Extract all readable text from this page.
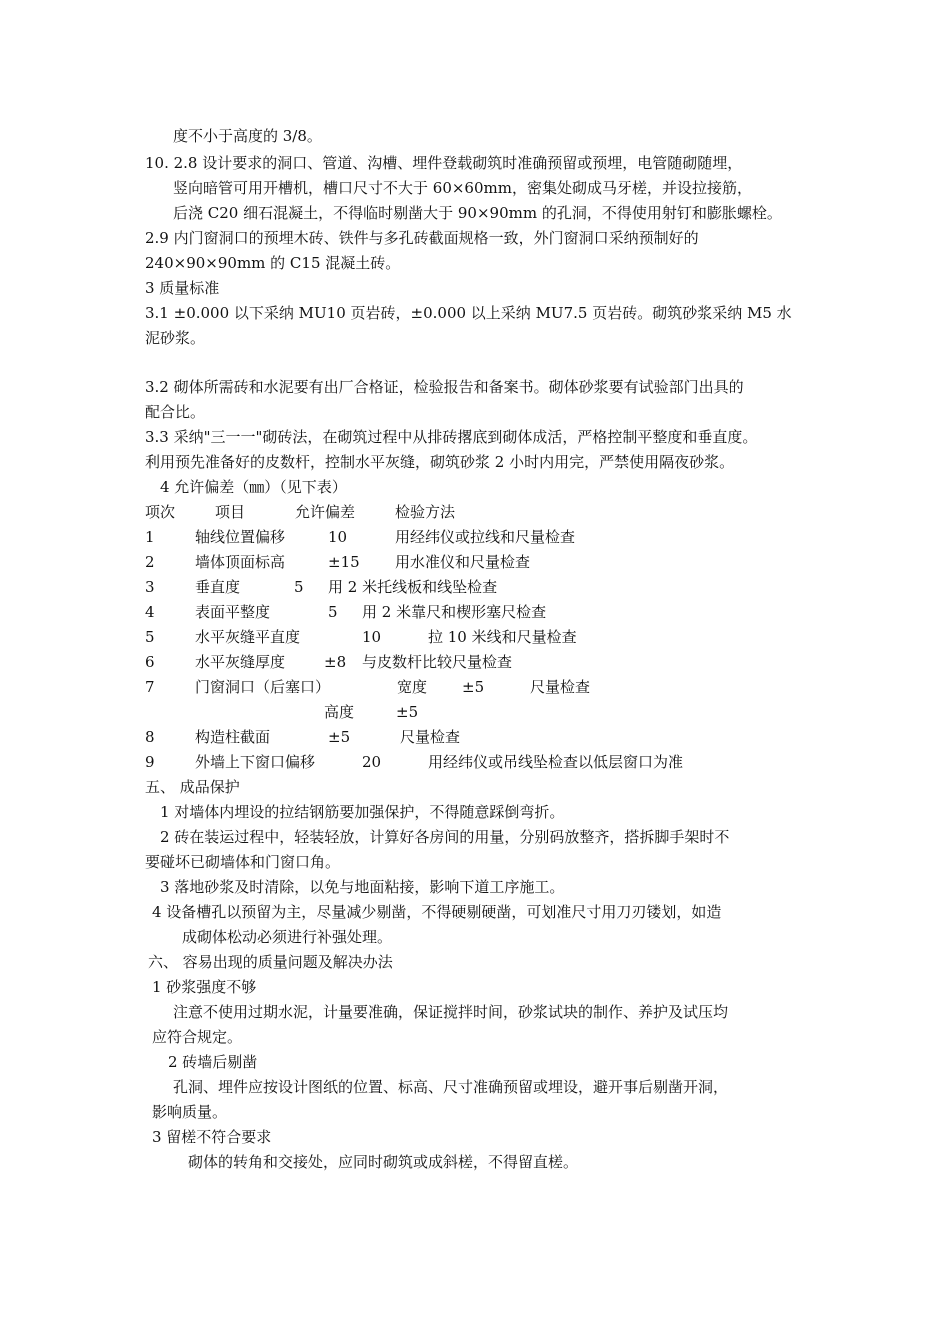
度不小于高度的 3/8。
10. 2.8 设计要求的洞口、管道、沟槽、埋件登载砌筑时准确预留或预埋，电管随砌随埋，
竖向暗管可用开槽机，槽口尺寸不大于 60×60mm，密集处砌成马牙槎，并设拉接筋，
后浇 C20 细石混凝土，不得临时剔凿大于 90×90mm 的孔洞，不得使用射钉和膨胀螺栓。
2.9 内门窗洞口的预埋木砖、铁件与多孔砖截面规格一致，外门窗洞口采纳预制好的
240×90×90mm 的 C15 混凝土砖。
3 质量标准
3.1 ±0.000 以下采纳 MU10 页岩砖，±0.000 以上采纳 MU7.5 页岩砖。砌筑砂浆采纳 M5 水
泥砂浆。
3.2 砌体所需砖和水泥要有出厂合格证，检验报告和备案书。砌体砂浆要有试验部门出具的
配合比。
3.3 采纳"三一一"砌砖法，在砌筑过程中从排砖撂底到砌体成活，严格控制平整度和垂直度。
利用预先准备好的皮数杆，控制水平灰缝，砌筑砂浆 2 小时内用完，严禁使用隔夜砂浆。
4 允许偏差（㎜）（见下表）
项次	项目	允许偏差	检验方法
1	轴线位置偏移	10	用经纬仪或拉线和尺量检查
2	墙体顶面标高	±15 用水准仪和尺量检查
3	垂直度	5 用 2 米托线板和线坠检查
4	表面平整度	5 用 2 米靠尺和楔形塞尺检查
5	水平灰缝平直度	10	拉 10 米线和尺量检查
6	水平灰缝厚度	±8 与皮数杆比较尺量检查
7	门窗洞口（后塞口）	宽度 ±5	尺量检查
高度	±5
8	构造柱截面	±5	尺量检查
9	外墙上下窗口偏移	20	用经纬仪或吊线坠检查以低层窗口为准
五、 成品保护
1 对墙体内埋设的拉结钢筋要加强保护，不得随意踩倒弯折。
2 砖在装运过程中，轻装轻放，计算好各房间的用量，分别码放整齐，搭拆脚手架时不
要碰坏已砌墙体和门窗口角。
3 落地砂浆及时清除，以免与地面粘接，影响下道工序施工。
4 设备槽孔以预留为主，尽量减少剔凿，不得硬剔硬凿，可划准尺寸用刀刃镂划，如造
成砌体松动必须进行补强处理。
六、 容易出现的质量问题及解决办法
1 砂浆强度不够
注意不使用过期水泥，计量要准确，保证搅拌时间，砂浆试块的制作、养护及试压均
应符合规定。
2 砖墙后剔凿
孔洞、埋件应按设计图纸的位置、标高、尺寸准确预留或埋设，避开事后剔凿开洞，
影响质量。
3 留槎不符合要求
砌体的转角和交接处，应同时砌筑或成斜槎，不得留直槎。
